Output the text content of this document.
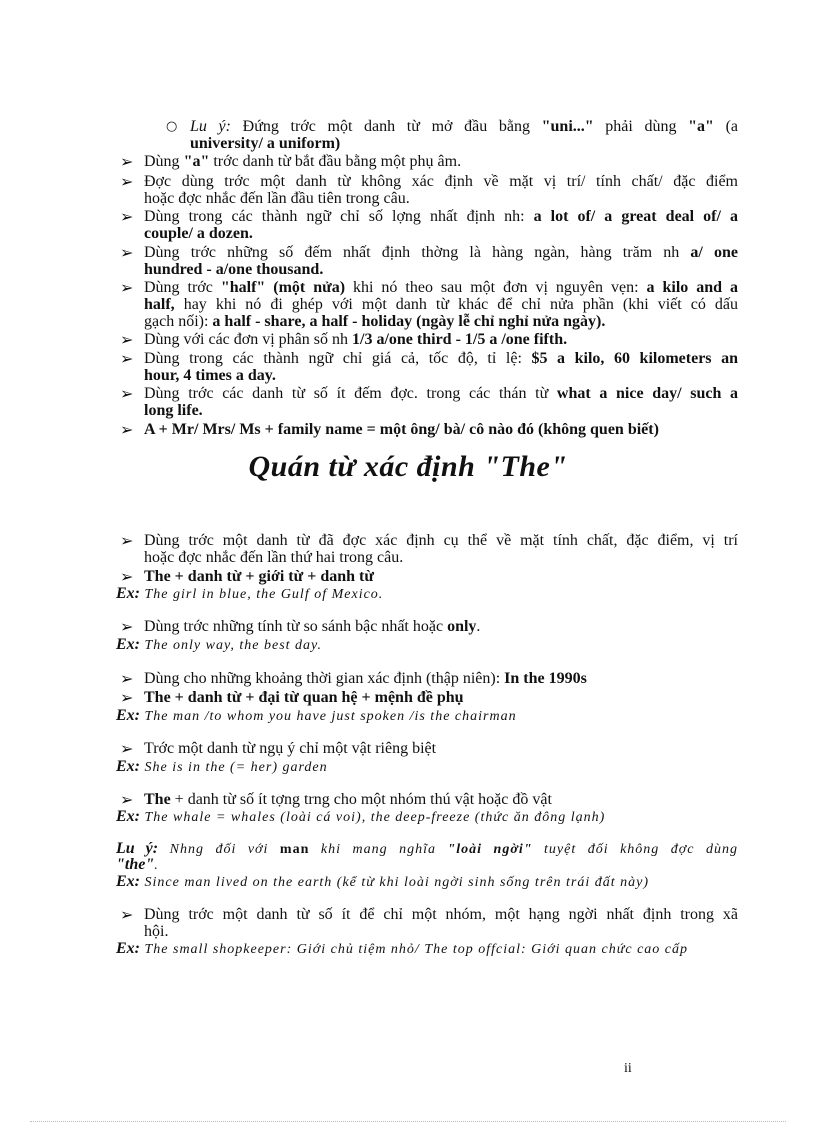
○ Lu ý: Đứng trớc một danh từ mở đầu bằng "uni..." phải dùng "a" (a
university/ a uniform)
➢ Dùng "a" trớc danh từ bắt đầu bằng một phụ âm.
➢ Đợc dùng trớc một danh từ không xác định về mặt vị trí/ tính chất/ đặc điểm
hoặc đợc nhắc đến lần đầu tiên trong câu.
➢ Dùng trong các thành ngữ chỉ số lợng nhất định nh: a lot of/ a great deal of/ a
couple/ a dozen.
➢ Dùng trớc những số đếm nhất định thờng là hàng ngàn, hàng trăm nh a/ one
hundred - a/one thousand.
➢ Dùng trớc "half" (một nửa) khi nó theo sau một đơn vị nguyên vẹn: a kilo and a
half, hay khi nó đi ghép với một danh từ khác để chỉ nửa phần (khi viết có dấu
gạch nối): a half - share, a half - holiday (ngày lễ chỉ nghỉ nửa ngày).
➢ Dùng với các đơn vị phân số nh 1/3 a/one third - 1/5 a /one fifth.
➢ Dùng trong các thành ngữ chỉ giá cả, tốc độ, tỉ lệ: $5 a kilo, 60 kilometers an
hour, 4 times a day.
➢ Dùng trớc các danh từ số ít đếm đợc. trong các thán từ what a nice day/ such a
long life.
➢ A + Mr/ Mrs/ Ms + family name = một ông/ bà/ cô nào đó (không quen biết)
Quán từ xác định "The"
➢ Dùng trớc một danh từ đã đợc xác định cụ thể về mặt tính chất, đặc điểm, vị trí
hoặc đợc nhắc đến lần thứ hai trong câu.
➢ The + danh từ + giới từ + danh từ
Ex: The girl in blue, the Gulf of Mexico.
➢ Dùng trớc những tính từ so sánh bậc nhất hoặc only.
Ex: The only way, the best day.
➢ Dùng cho những khoảng thời gian xác định (thập niên): In the 1990s
➢ The + danh từ + đại từ quan hệ + mệnh đề phụ
Ex: The man /to whom you have just spoken /is the chairman
➢ Trớc một danh từ ngụ ý chỉ một vật riêng biệt
Ex: She is in the (= her) garden
➢ The + danh từ số ít tợng trng cho một nhóm thú vật hoặc đồ vật
Ex: The whale = whales (loài cá voi), the deep-freeze (thức ăn đông lạnh)
Lu ý: Nhng đối với man khi mang nghĩa "loài ngời" tuyệt đối không đợc dùng
"the".
Ex: Since man lived on the earth (kể từ khi loài ngời sinh sống trên trái đất này)
➢ Dùng trớc một danh từ số ít để chỉ một nhóm, một hạng ngời nhất định trong xã
hội.
Ex: The small shopkeeper: Giới chủ tiệm nhỏ/ The top offcial: Giới quan chức cao cấp
ii
